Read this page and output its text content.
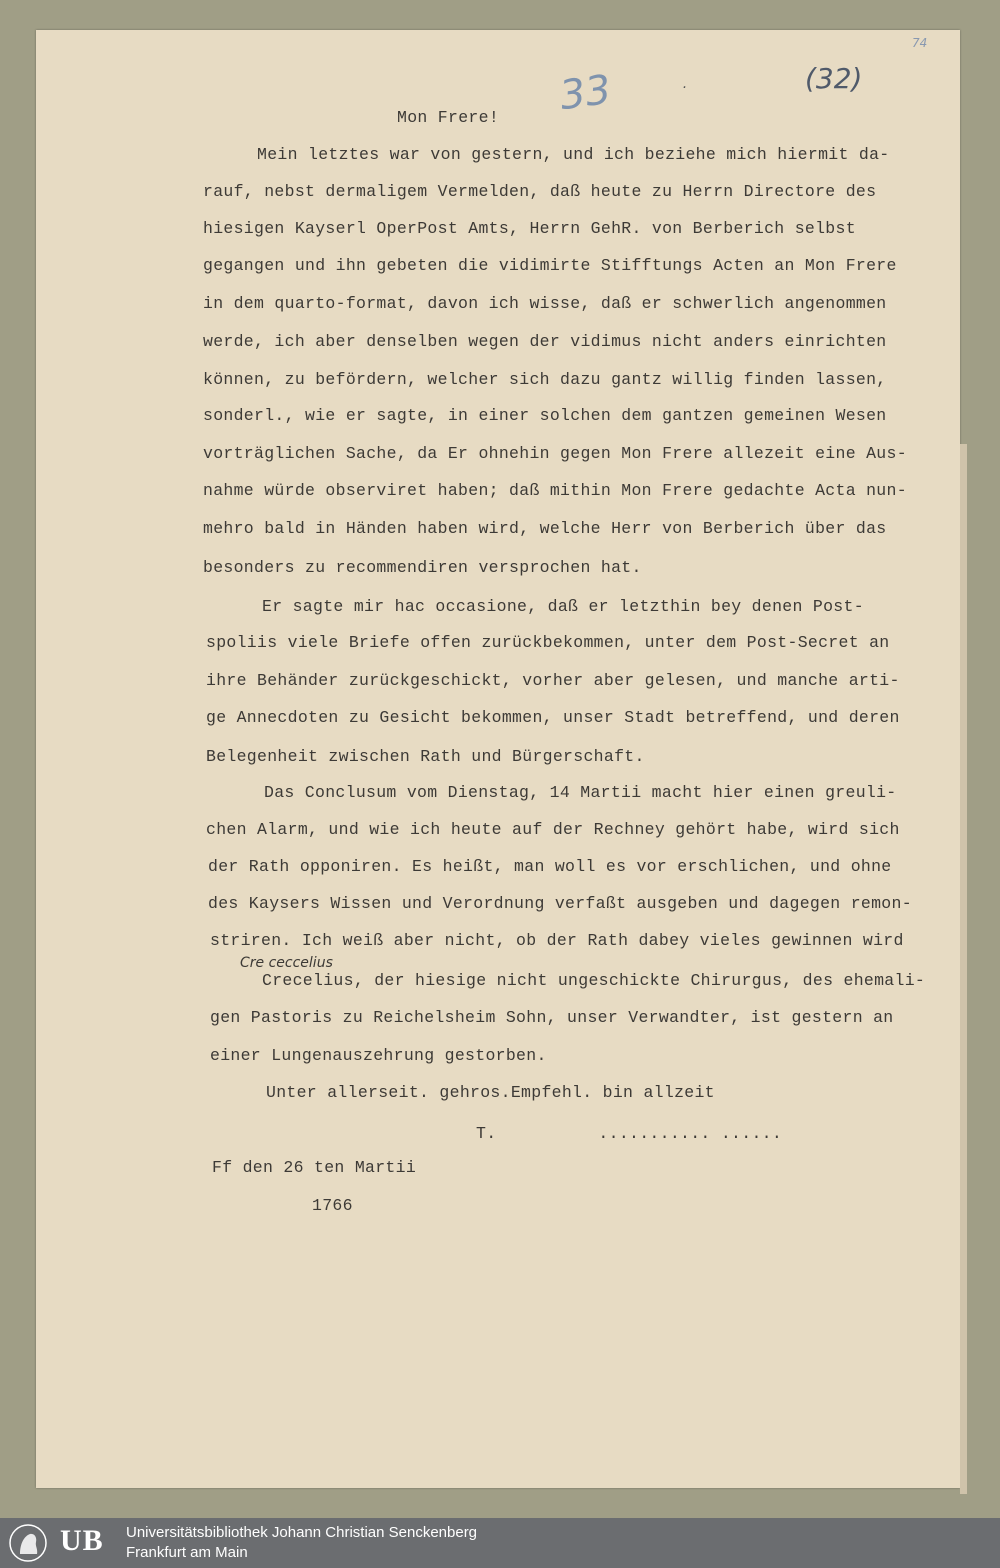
33	(32)
74
·
Mon Frere!
Mein letztes war von gestern, und ich beziehe mich hiermit da-
rauf, nebst dermaligem Vermelden, daß heute zu Herrn Directore des
hiesigen Kayserl OperPost Amts, Herrn GehR. von Berberich selbst
gegangen und ihn gebeten die vidimirte Stifftungs Acten an Mon Frere
in dem quarto-format, davon ich wisse, daß er schwerlich angenommen
werde, ich aber denselben wegen der vidimus nicht anders einrichten
können, zu befördern, welcher sich dazu gantz willig finden lassen,
sonderl., wie er sagte, in einer solchen dem gantzen gemeinen Wesen
vorträglichen Sache, da Er ohnehin gegen Mon Frere allezeit eine Aus-
nahme würde observiret haben; daß mithin Mon Frere gedachte Acta nun-
mehro bald in Händen haben wird, welche Herr von Berberich über das
besonders zu recommendiren versprochen hat.
Er sagte mir hac occasione, daß er letzthin bey denen Post-
spoliis viele Briefe offen zurückbekommen, unter dem Post-Secret an
ihre Behänder zurückgeschickt, vorher aber gelesen, und manche arti-
ge Annecdoten zu Gesicht bekommen, unser Stadt betreffend, und deren
Belegenheit zwischen Rath und Bürgerschaft.
Das Conclusum vom Dienstag, 14 Martii macht hier einen greuli-
chen Alarm, und wie ich heute auf der Rechney gehört habe, wird sich
der Rath opponiren. Es heißt, man woll es vor erschlichen, und ohne
des Kaysers Wissen und Verordnung verfaßt ausgeben und dagegen remon-
striren. Ich weiß aber nicht, ob der Rath dabey vieles gewinnen wird
Crecelius, der hiesige nicht ungeschickte Chirurgus, des ehemali-
gen Pastoris zu Reichelsheim Sohn, unser Verwandter, ist gestern an
einer Lungenauszehrung gestorben.
Unter allerseit. gehros.Empfehl. bin allzeit
T.          ........... ......
Ff den 26 ten Martii
1766
Cre ceccelius
UB Universitätsbibliothek Johann Christian Senckenberg
Frankfurt am Main
